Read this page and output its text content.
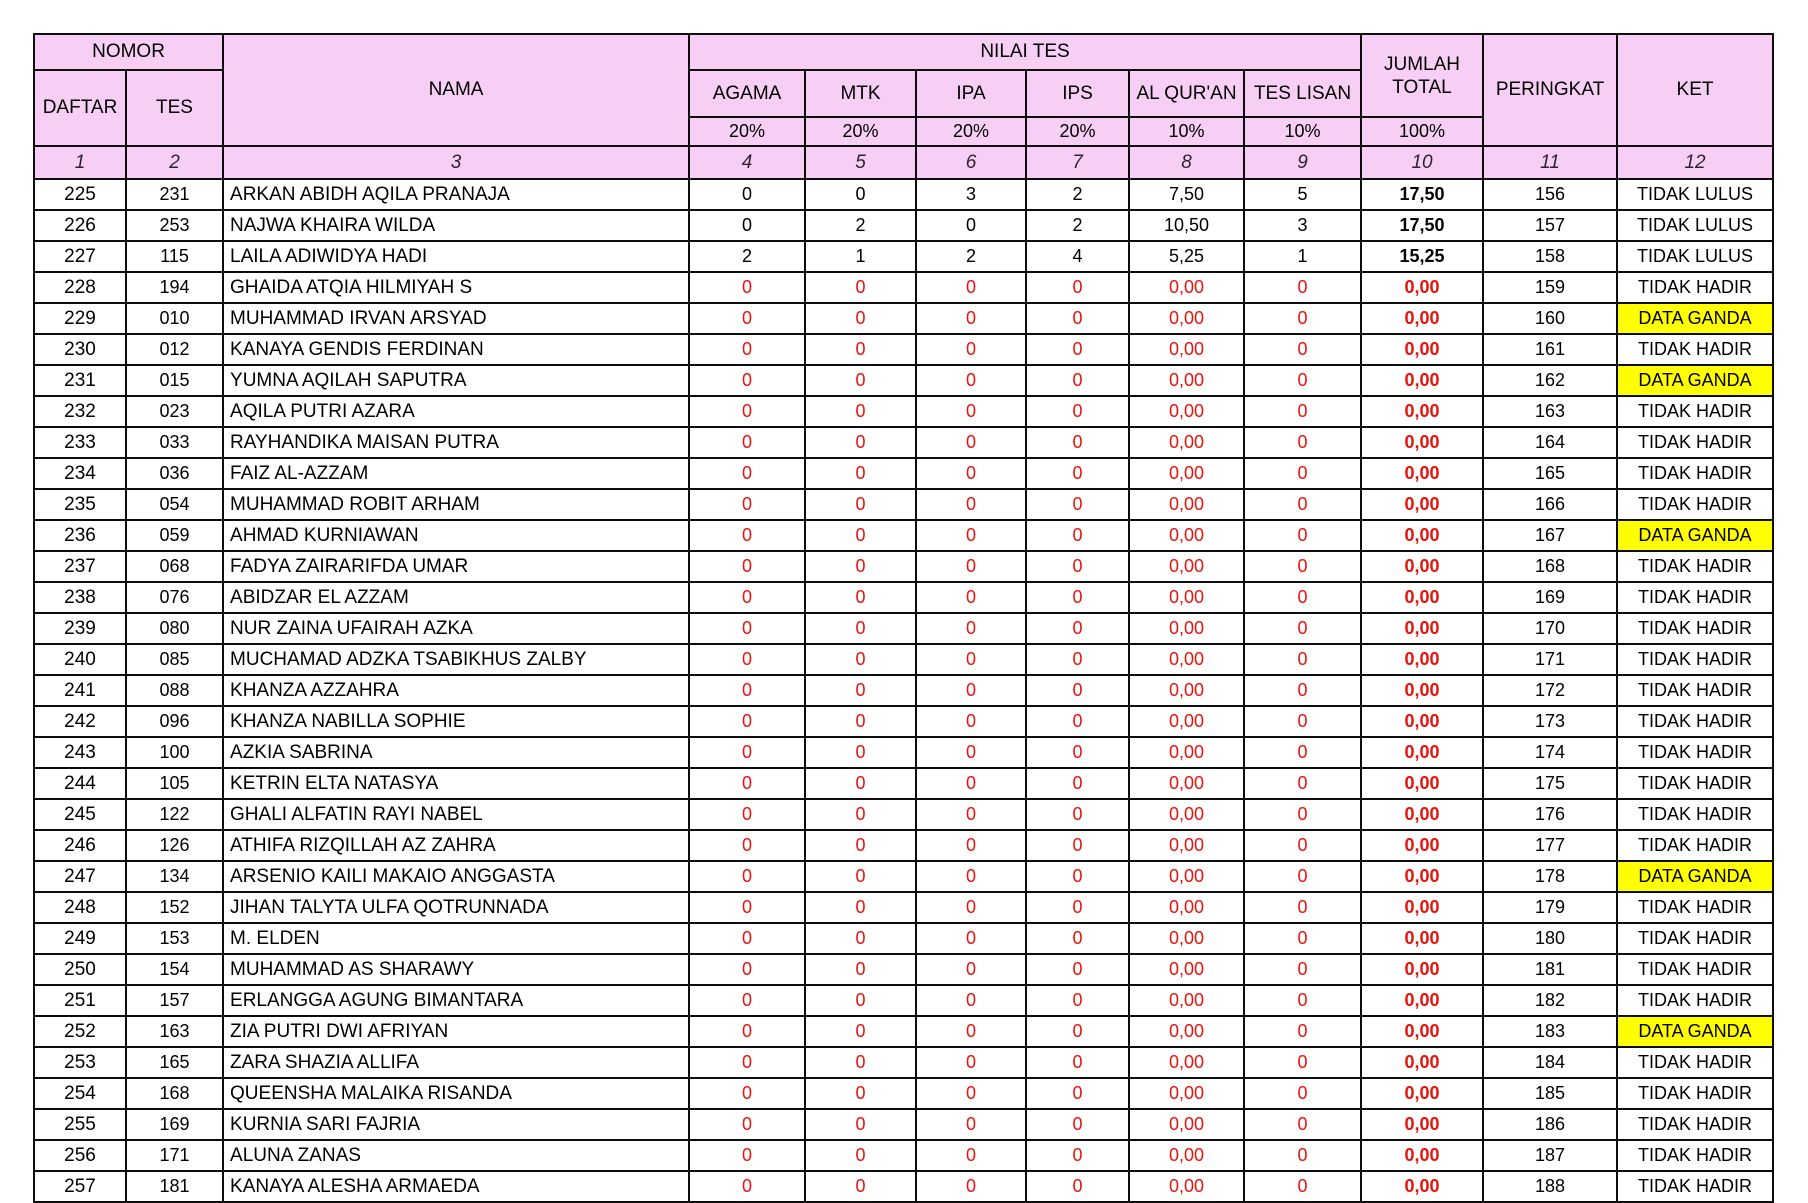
NOMOR		NAMA	NILAI TES						JUMLAH TOTAL	PERINGKAT	KET
DAFTAR	TES		AGAMA	MTK	IPA	IPS	AL QUR'AN	TES LISAN			
			20%	20%	20%	20%	10%	10%	100%		
1	2	3	4	5	6	7	8	9	10	11	12
225	231	ARKAN ABIDH AQILA PRANAJA	0	0	3	2	7,50	5	17,50	156	TIDAK LULUS
226	253	NAJWA KHAIRA WILDA	0	2	0	2	10,50	3	17,50	157	TIDAK LULUS
227	115	LAILA ADIWIDYA HADI	2	1	2	4	5,25	1	15,25	158	TIDAK LULUS
228	194	GHAIDA ATQIA HILMIYAH S	0	0	0	0	0,00	0	0,00	159	TIDAK HADIR
229	010	MUHAMMAD IRVAN ARSYAD	0	0	0	0	0,00	0	0,00	160	DATA GANDA
230	012	KANAYA GENDIS FERDINAN	0	0	0	0	0,00	0	0,00	161	TIDAK HADIR
231	015	YUMNA AQILAH SAPUTRA	0	0	0	0	0,00	0	0,00	162	DATA GANDA
232	023	AQILA PUTRI AZARA	0	0	0	0	0,00	0	0,00	163	TIDAK HADIR
233	033	RAYHANDIKA MAISAN PUTRA	0	0	0	0	0,00	0	0,00	164	TIDAK HADIR
234	036	FAIZ AL-AZZAM	0	0	0	0	0,00	0	0,00	165	TIDAK HADIR
235	054	MUHAMMAD ROBIT ARHAM	0	0	0	0	0,00	0	0,00	166	TIDAK HADIR
236	059	AHMAD KURNIAWAN	0	0	0	0	0,00	0	0,00	167	DATA GANDA
237	068	FADYA ZAIRARIFDA UMAR	0	0	0	0	0,00	0	0,00	168	TIDAK HADIR
238	076	ABIDZAR EL AZZAM	0	0	0	0	0,00	0	0,00	169	TIDAK HADIR
239	080	NUR ZAINA UFAIRAH AZKA	0	0	0	0	0,00	0	0,00	170	TIDAK HADIR
240	085	MUCHAMAD ADZKA TSABIKHUS ZALBY	0	0	0	0	0,00	0	0,00	171	TIDAK HADIR
241	088	KHANZA AZZAHRA	0	0	0	0	0,00	0	0,00	172	TIDAK HADIR
242	096	KHANZA NABILLA SOPHIE	0	0	0	0	0,00	0	0,00	173	TIDAK HADIR
243	100	AZKIA SABRINA	0	0	0	0	0,00	0	0,00	174	TIDAK HADIR
244	105	KETRIN ELTA NATASYA	0	0	0	0	0,00	0	0,00	175	TIDAK HADIR
245	122	GHALI ALFATIN RAYI NABEL	0	0	0	0	0,00	0	0,00	176	TIDAK HADIR
246	126	ATHIFA RIZQILLAH AZ ZAHRA	0	0	0	0	0,00	0	0,00	177	TIDAK HADIR
247	134	ARSENIO KAILI MAKAIO ANGGASTA	0	0	0	0	0,00	0	0,00	178	DATA GANDA
248	152	JIHAN TALYTA ULFA QOTRUNNADA	0	0	0	0	0,00	0	0,00	179	TIDAK HADIR
249	153	M. ELDEN	0	0	0	0	0,00	0	0,00	180	TIDAK HADIR
250	154	MUHAMMAD AS SHARAWY	0	0	0	0	0,00	0	0,00	181	TIDAK HADIR
251	157	ERLANGGA AGUNG BIMANTARA	0	0	0	0	0,00	0	0,00	182	TIDAK HADIR
252	163	ZIA PUTRI DWI AFRIYAN	0	0	0	0	0,00	0	0,00	183	DATA GANDA
253	165	ZARA SHAZIA ALLIFA	0	0	0	0	0,00	0	0,00	184	TIDAK HADIR
254	168	QUEENSHA MALAIKA RISANDA	0	0	0	0	0,00	0	0,00	185	TIDAK HADIR
255	169	KURNIA SARI FAJRIA	0	0	0	0	0,00	0	0,00	186	TIDAK HADIR
256	171	ALUNA ZANAS	0	0	0	0	0,00	0	0,00	187	TIDAK HADIR
257	181	KANAYA ALESHA ARMAEDA	0	0	0	0	0,00	0	0,00	188	TIDAK HADIR
